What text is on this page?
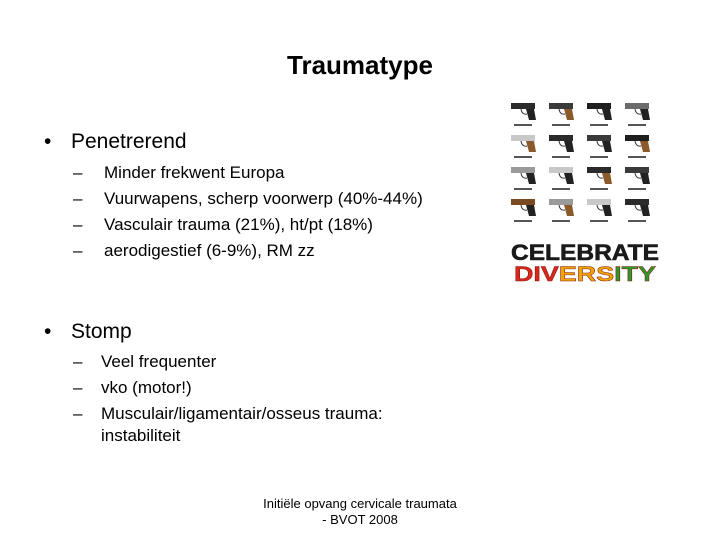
Traumatype
• Penetrerend
– Minder frekwent Europa
– Vuurwapens, scherp voorwerp (40%-44%)
– Vasculair trauma (21%), ht/pt (18%)
– aerodigestief (6-9%), RM zz
• Stomp
– Veel frequenter
– vko (motor!)
– Musculair/ligamentair/osseus trauma:
instabiliteit
CELEBRATE
D IV E R S IT Y
Initiële opvang cervicale traumata
- BVOT 2008
